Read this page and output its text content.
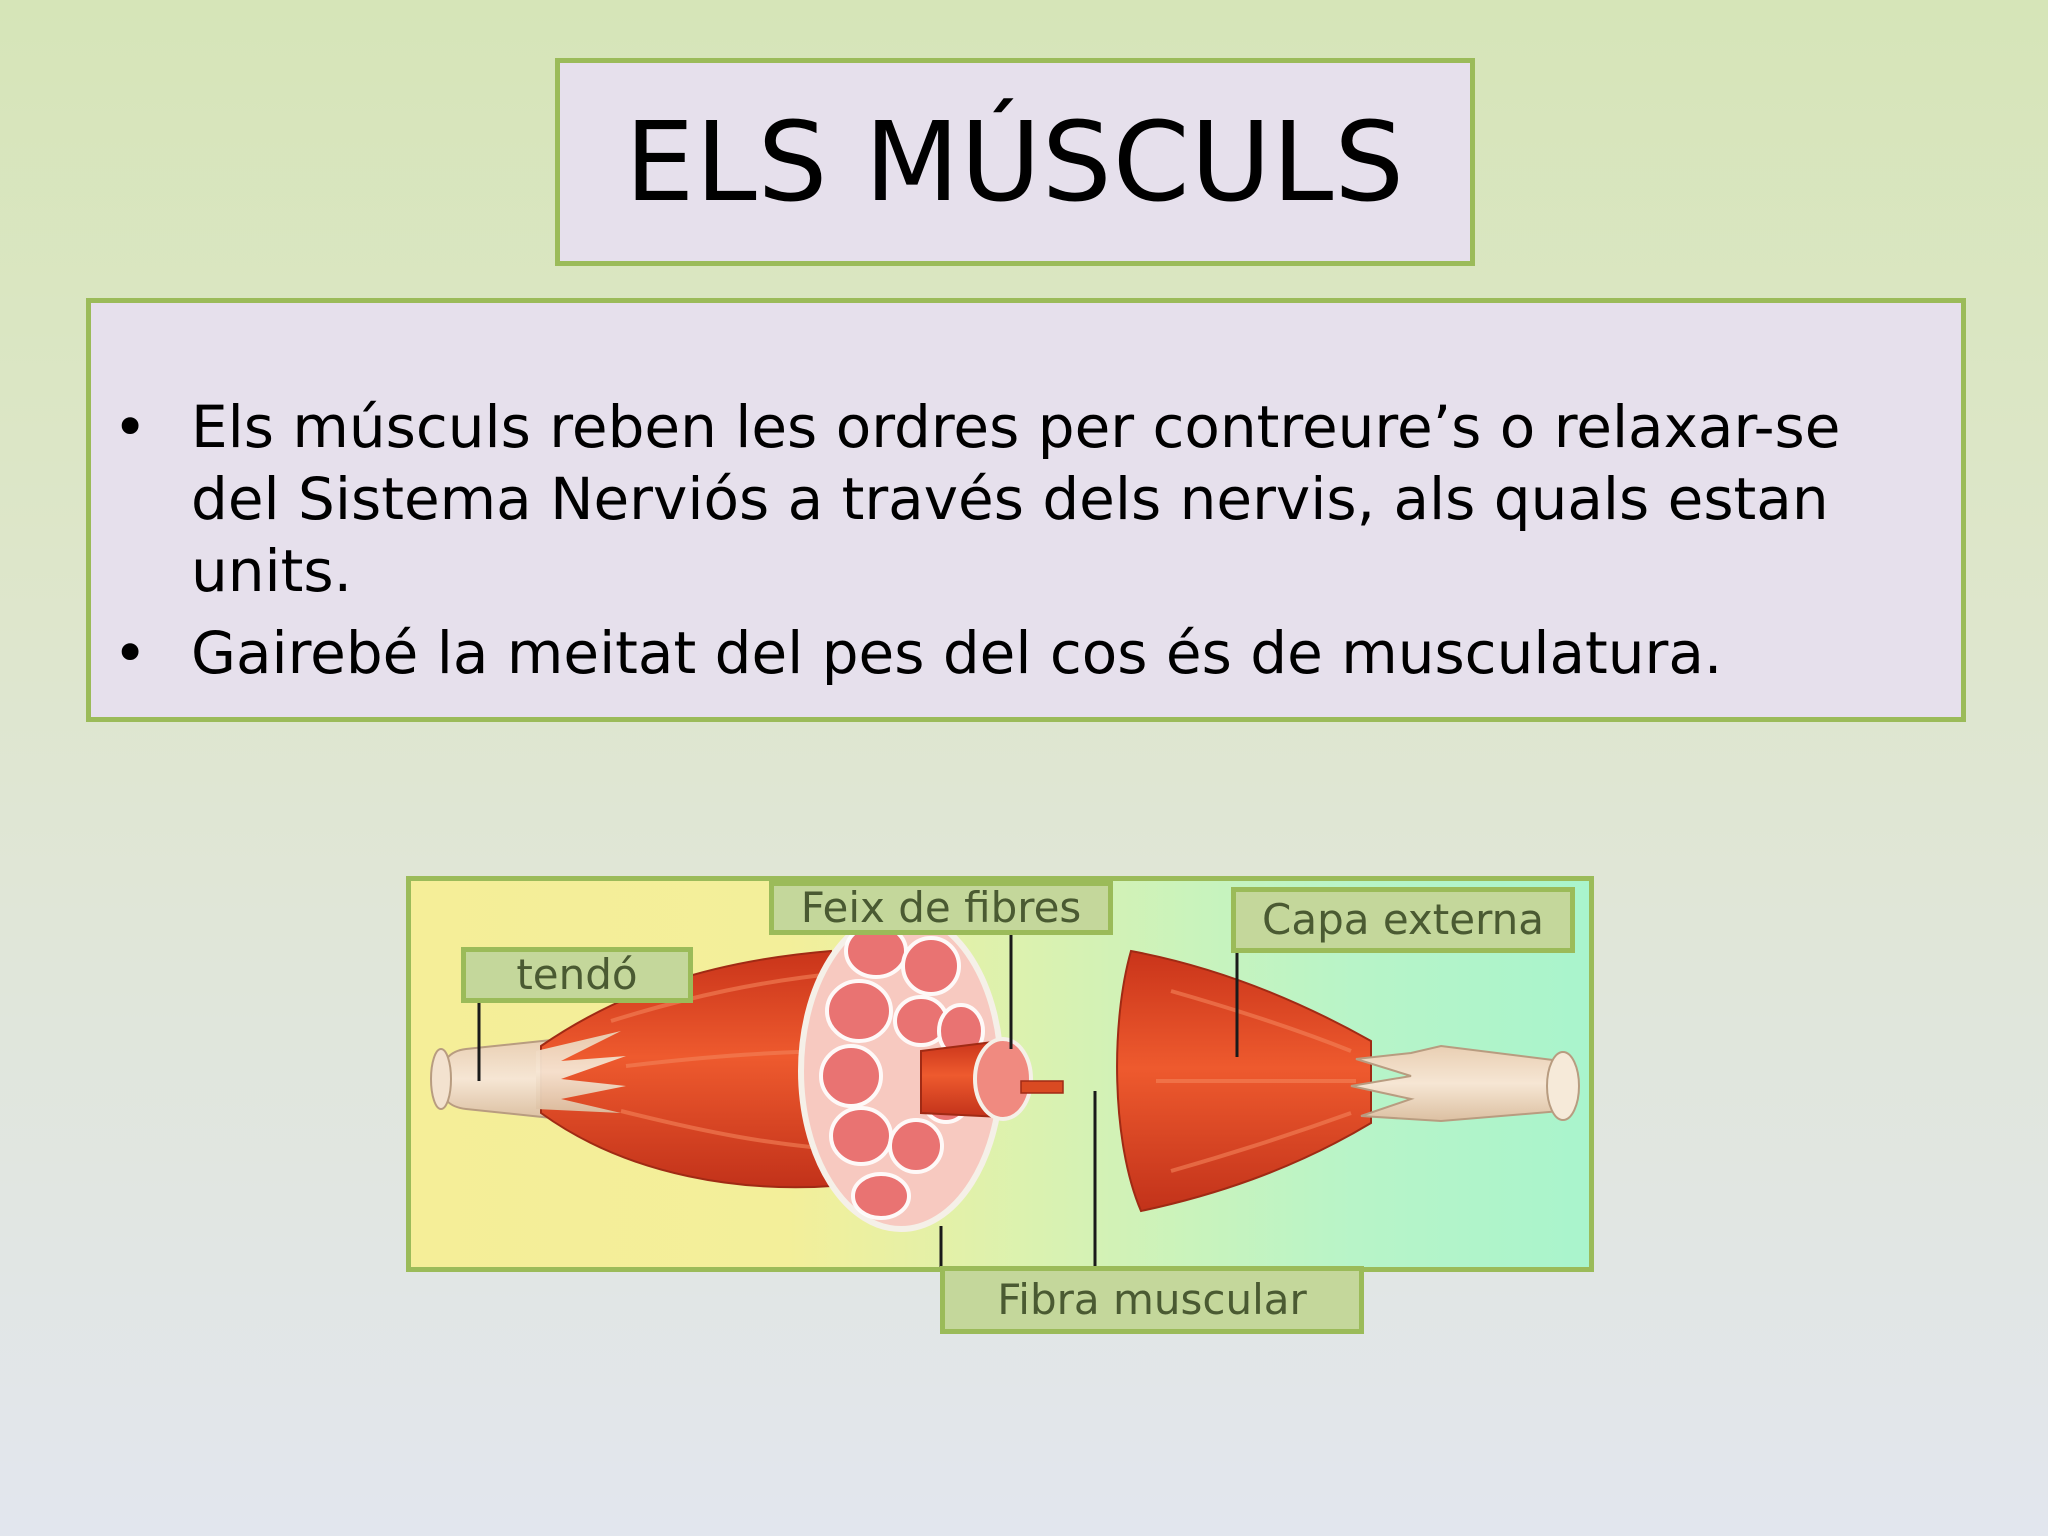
ELS MÚSCULS
• Els músculs reben les ordres per contreure’s o relaxar-se del Sistema Nerviós a través dels nervis, als quals estan units.
• Gairebé la meitat del pes del cos és de musculatura.
Feix de fibres	Capa externa
tendó
Fibra muscular
